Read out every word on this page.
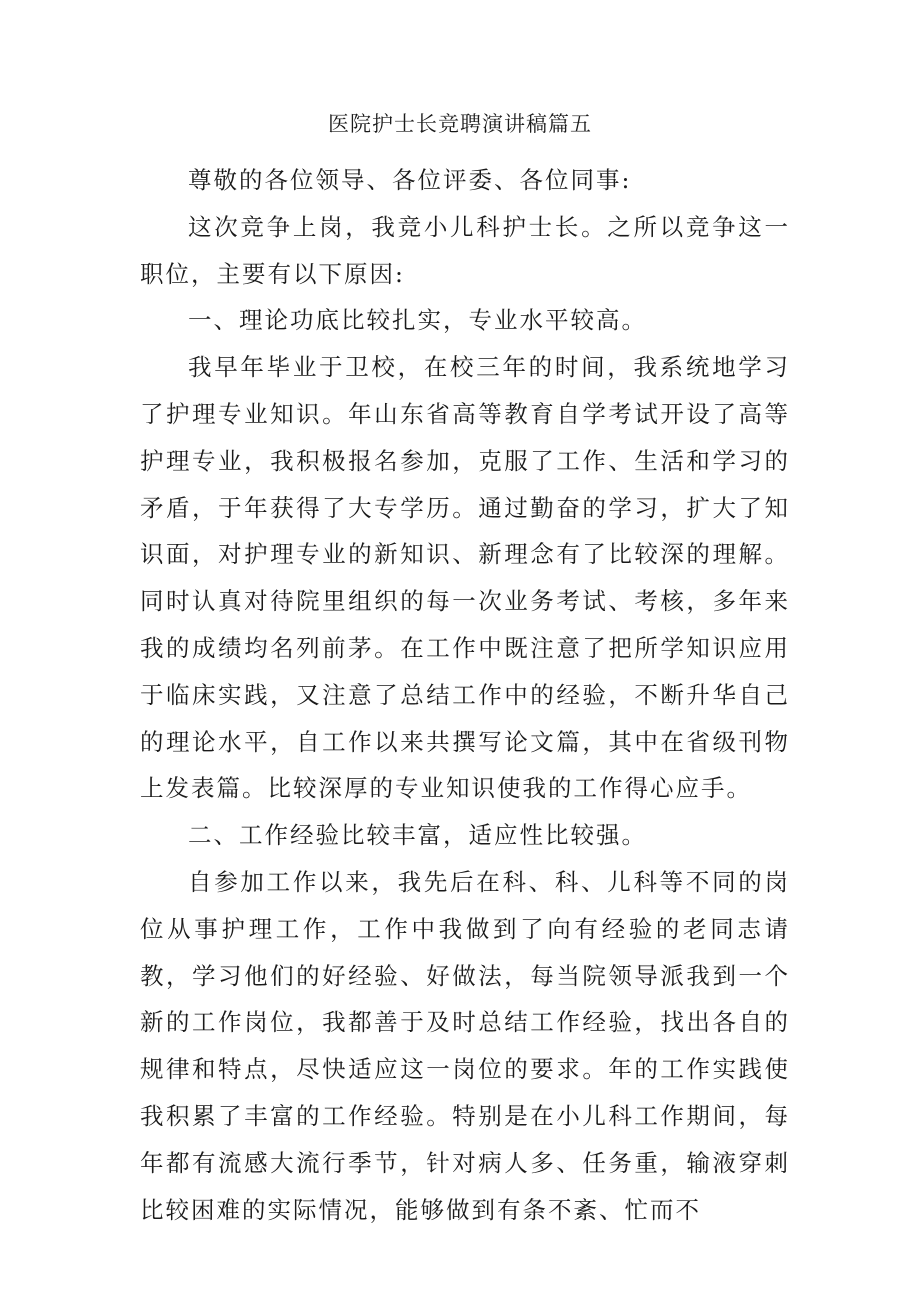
医院护士长竞聘演讲稿篇五

尊敬的各位领导、各位评委、各位同事:

这次竞争上岗，我竞小儿科护士长。之所以竞争这一职位，主要有以下原因:

一、理论功底比较扎实，专业水平较高。

我早年毕业于卫校，在校三年的时间，我系统地学习了护理专业知识。年山东省高等教育自学考试开设了高等护理专业，我积极报名参加，克服了工作、生活和学习的矛盾，于年获得了大专学历。通过勤奋的学习，扩大了知识面，对护理专业的新知识、新理念有了比较深的理解。同时认真对待院里组织的每一次业务考试、考核，多年来我的成绩均名列前茅。在工作中既注意了把所学知识应用于临床实践，又注意了总结工作中的经验，不断升华自己的理论水平，自工作以来共撰写论文篇，其中在省级刊物上发表篇。比较深厚的专业知识使我的工作得心应手。

二、工作经验比较丰富，适应性比较强。

自参加工作以来，我先后在科、科、儿科等不同的岗位从事护理工作，工作中我做到了向有经验的老同志请教，学习他们的好经验、好做法，每当院领导派我到一个新的工作岗位，我都善于及时总结工作经验，找出各自的规律和特点，尽快适应这一岗位的要求。年的工作实践使我积累了丰富的工作经验。特别是在小儿科工作期间，每年都有流感大流行季节，针对病人多、任务重，输液穿刺比较困难的实际情况，能够做到有条不紊、忙而不
